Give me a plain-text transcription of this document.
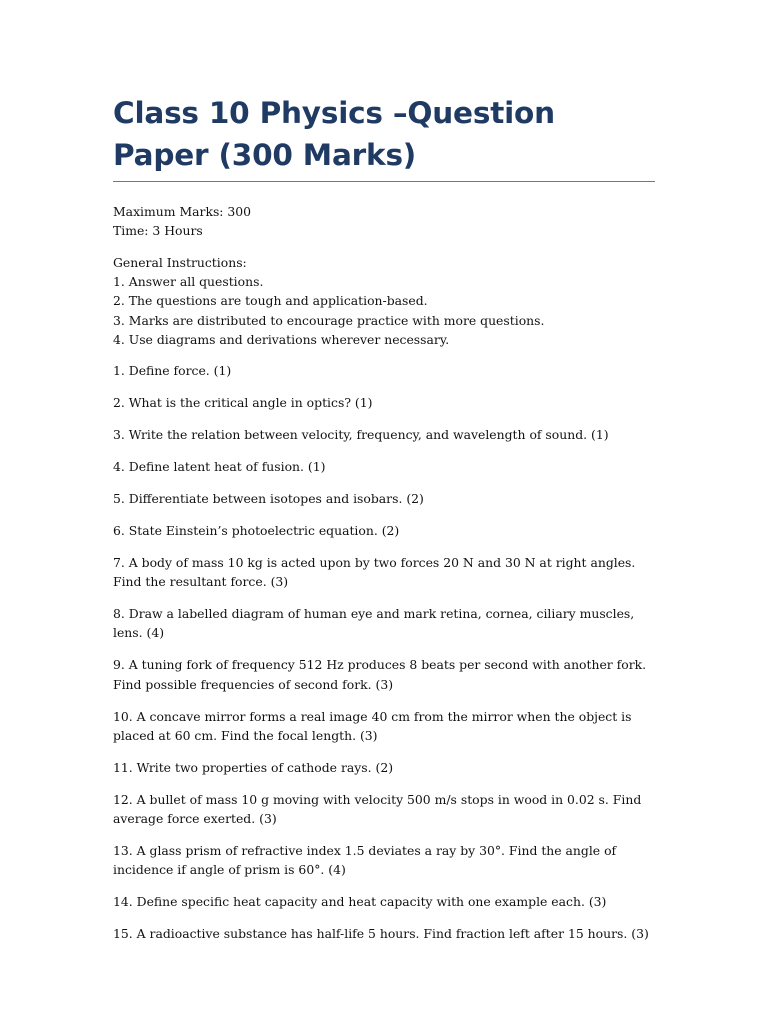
Class 10 Physics –Question Paper (300 Marks)
Maximum Marks: 300
Time: 3 Hours
General Instructions:
1. Answer all questions.
2. The questions are tough and application-based.
3. Marks are distributed to encourage practice with more questions.
4. Use diagrams and derivations wherever necessary.

1. Define force. (1)

2. What is the critical angle in optics? (1)

3. Write the relation between velocity, frequency, and wavelength of sound. (1)

4. Define latent heat of fusion. (1)

5. Differentiate between isotopes and isobars. (2)

6. State Einstein’s photoelectric equation. (2)

7. A body of mass 10 kg is acted upon by two forces 20 N and 30 N at right angles. Find the resultant force. (3)

8. Draw a labelled diagram of human eye and mark retina, cornea, ciliary muscles, lens. (4)

9. A tuning fork of frequency 512 Hz produces 8 beats per second with another fork. Find possible frequencies of second fork. (3)

10. A concave mirror forms a real image 40 cm from the mirror when the object is placed at 60 cm. Find the focal length. (3)

11. Write two properties of cathode rays. (2)

12. A bullet of mass 10 g moving with velocity 500 m/s stops in wood in 0.02 s. Find average force exerted. (3)

13. A glass prism of refractive index 1.5 deviates a ray by 30°. Find the angle of incidence if angle of prism is 60°. (4)

14. Define specific heat capacity and heat capacity with one example each. (3)

15. A radioactive substance has half-life 5 hours. Find fraction left after 15 hours. (3)
